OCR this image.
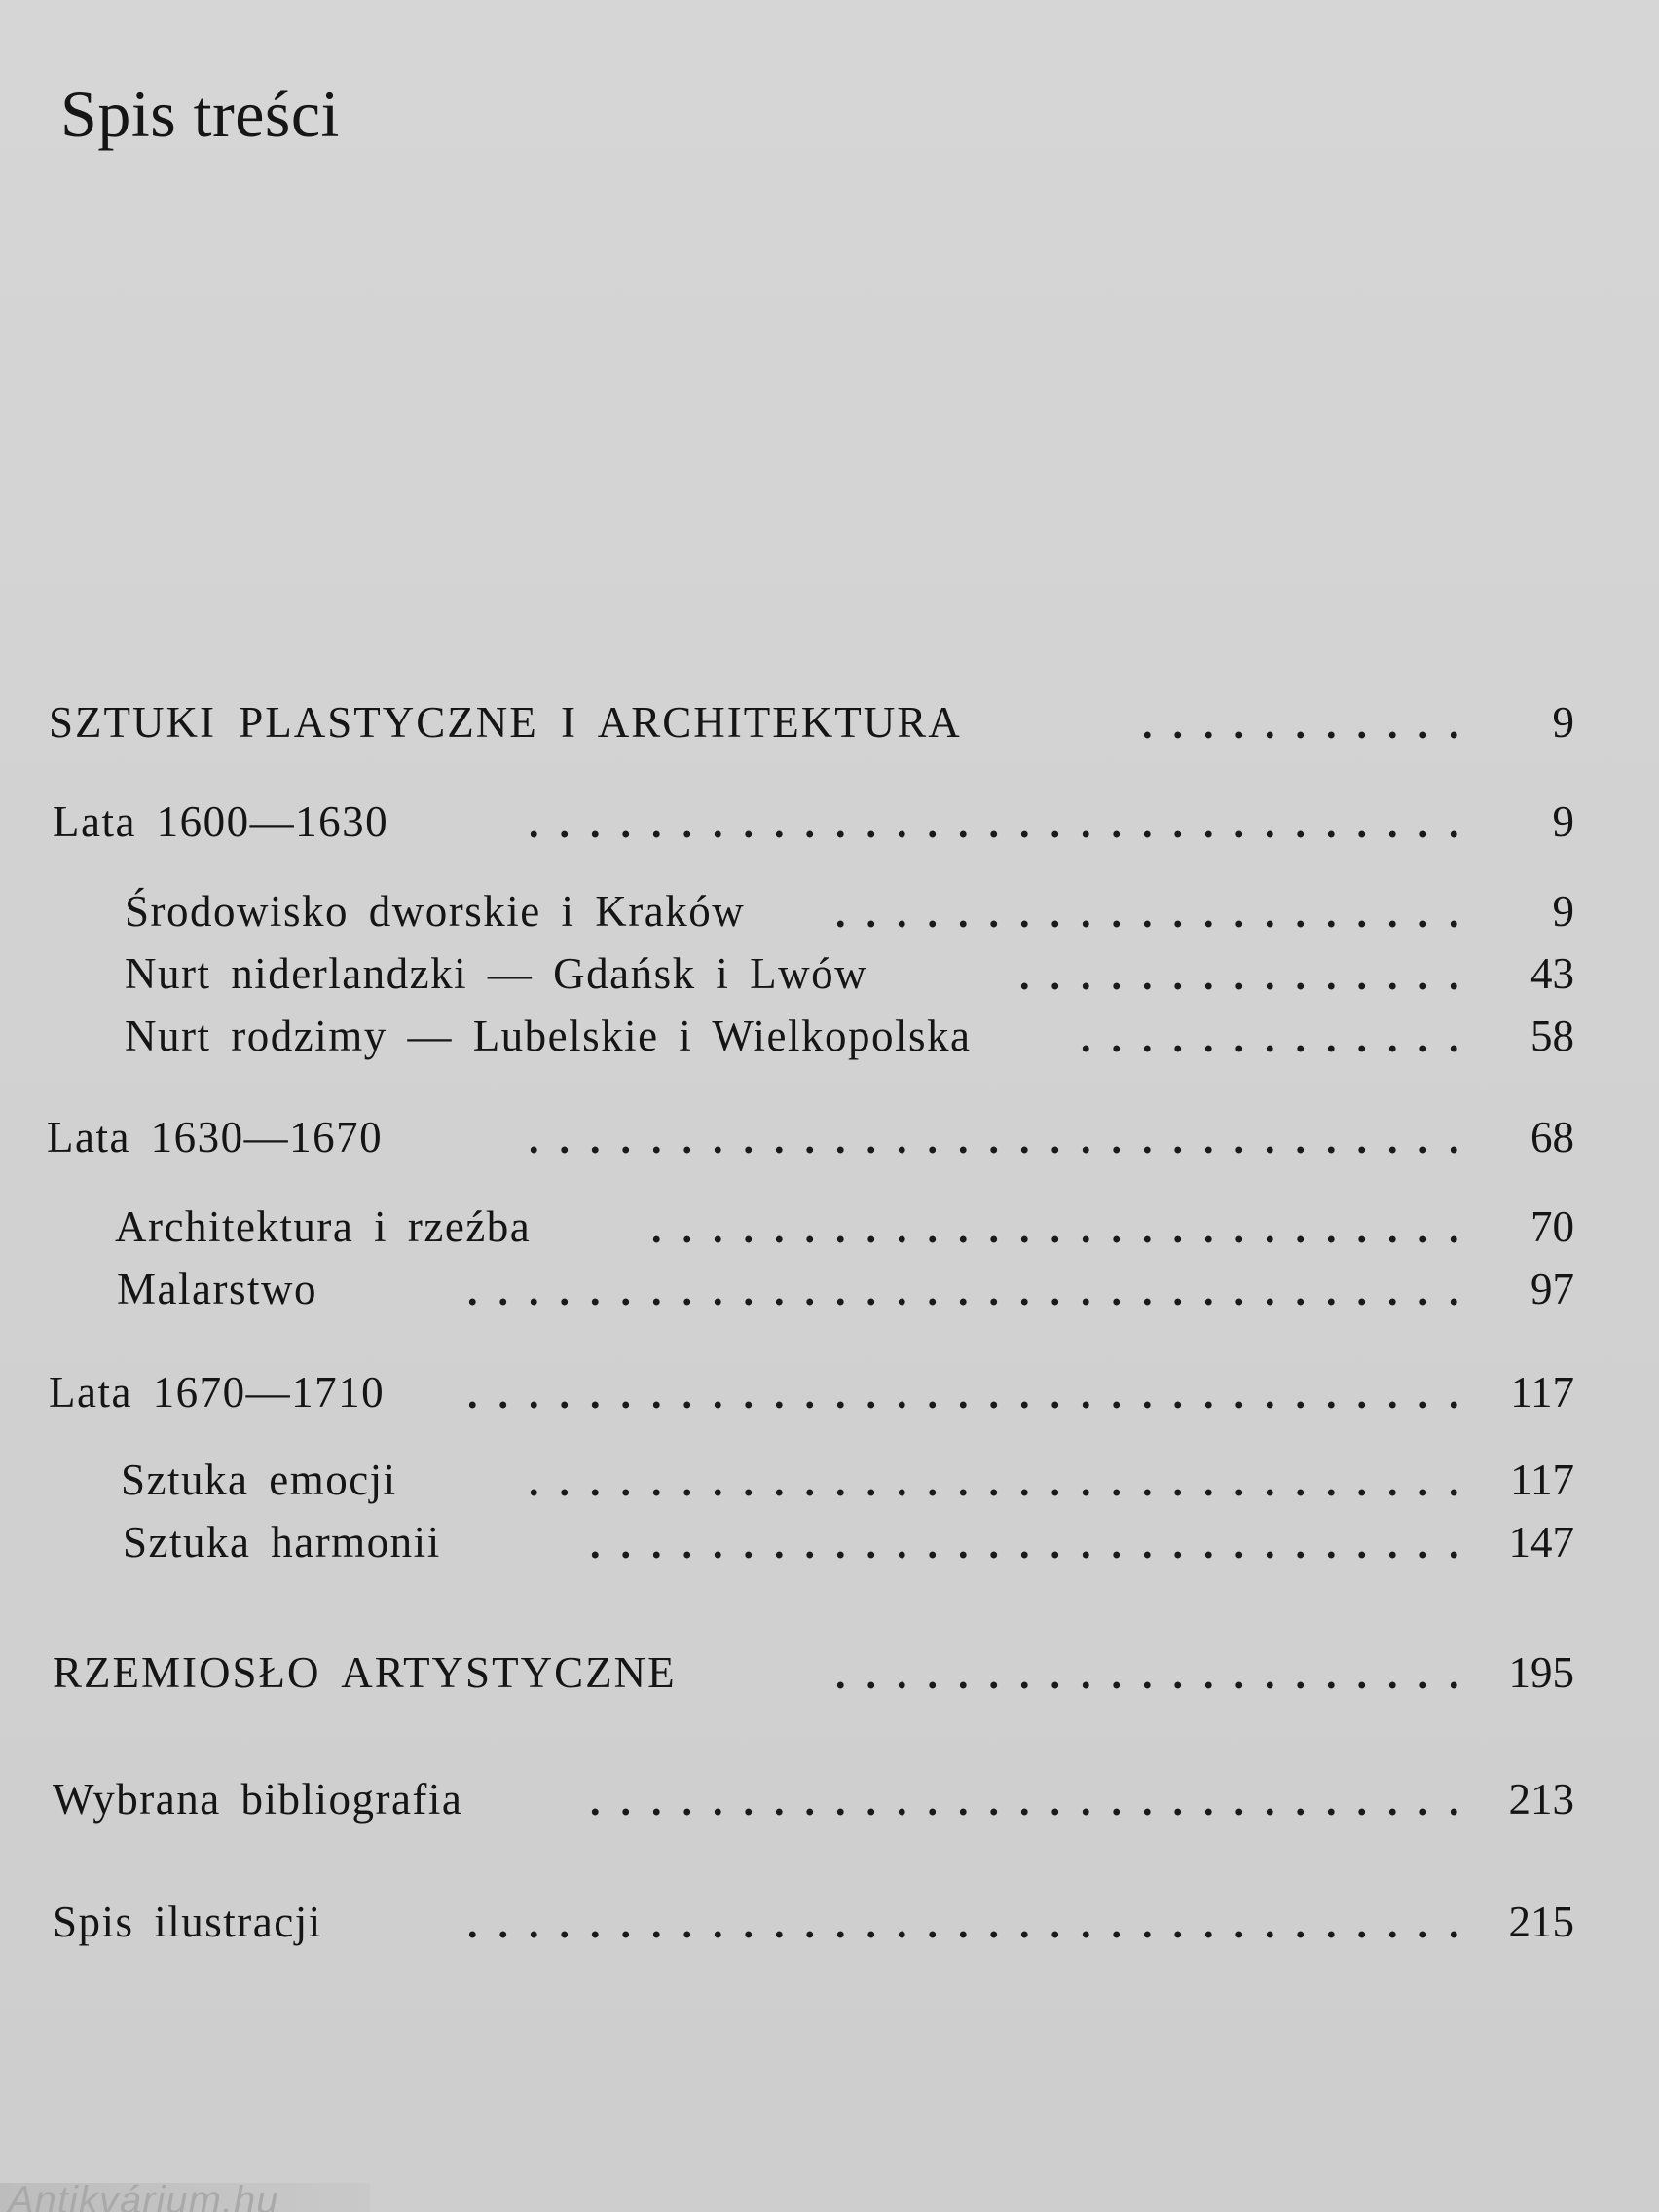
Spis treści
SZTUKI PLASTYCZNE I ARCHITEKTURA	9
Lata 1600—1630	9
Środowisko dworskie i Kraków	9
Nurt niderlandzki — Gdańsk i Lwów	43
Nurt rodzimy — Lubelskie i Wielkopolska	58
Lata 1630—1670	68
Architektura i rzeźba	70
Malarstwo	97
Lata 1670—1710	117
Sztuka emocji	117
Sztuka harmonii	147
RZEMIOSŁO ARTYSTYCZNE	195
Wybrana bibliografia	213
Spis ilustracji	215
Antikvárium.hu
